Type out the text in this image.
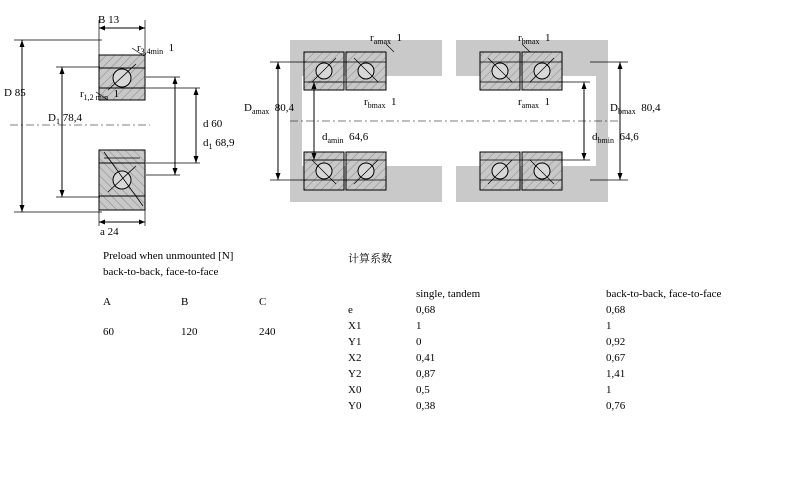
B 13
$r_{3,4min}$ 1
$r_{1,2 min}$ 1
D 85
$D_1$ 78,4	d 60
$d_1$ 68,9
a 24
$r_{amax}$ 1	$r_{bmax}$ 1
$D_{amax}$ 80,4	$r_{bmax}$ 1	$r_{amax}$ 1	$D_{bmax}$ 80,4
$d_{amin}$ 64,6	$d_{bmin}$ 64,6
Preload when unmounted [N]
back-to-back, face-to-face
A	B	C
60	120	240
计算系数
	single, tandem	back-to-back, face-to-face
e	0,68	0,68
X1	1	1
Y1	0	0,92
X2	0,41	0,67
Y2	0,87	1,41
X0	0,5	1
Y0	0,38	0,76
